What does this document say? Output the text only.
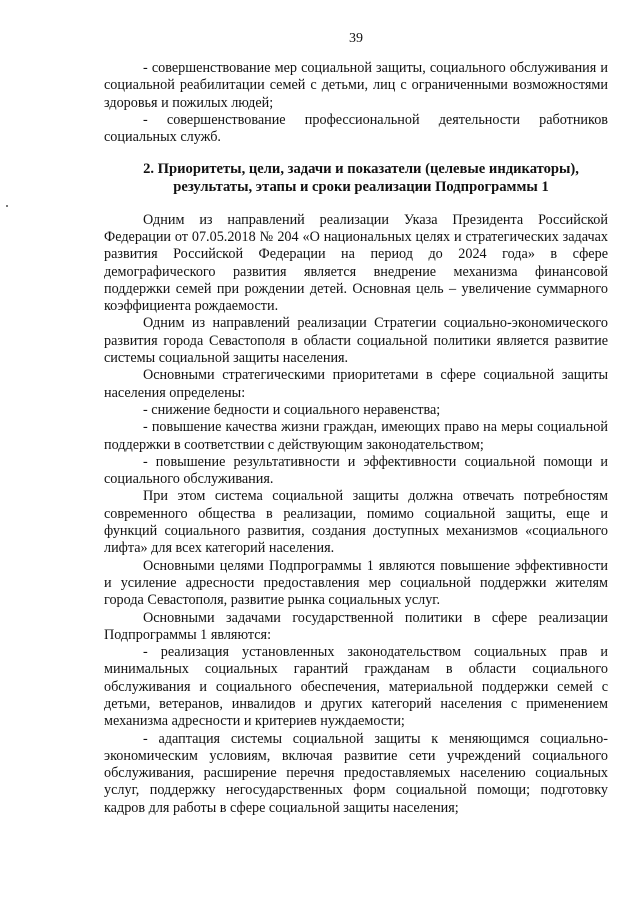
39

- совершенствование мер социальной защиты, социального обслуживания и социальной реабилитации семей с детьми, лиц с ограниченными возможностями здоровья и пожилых людей;

- совершенствование профессиональной деятельности работников социальных служб.

2. Приоритеты, цели, задачи и показатели (целевые индикаторы), результаты, этапы и сроки реализации Подпрограммы 1

Одним из направлений реализации Указа Президента Российской Федерации от 07.05.2018 № 204 «О национальных целях и стратегических задачах развития Российской Федерации на период до 2024 года» в сфере демографического развития является внедрение механизма финансовой поддержки семей при рождении детей. Основная цель – увеличение суммарного коэффициента рождаемости.

Одним из направлений реализации Стратегии социально-экономического развития города Севастополя в области социальной политики является развитие системы социальной защиты населения.

Основными стратегическими приоритетами в сфере социальной защиты населения определены:

- снижение бедности и социального неравенства;

- повышение качества жизни граждан, имеющих право на меры социальной поддержки в соответствии с действующим законодательством;

- повышение результативности и эффективности социальной помощи и социального обслуживания.

При этом система социальной защиты должна отвечать потребностям современного общества в реализации, помимо социальной защиты, еще и функций социального развития, создания доступных механизмов «социального лифта» для всех категорий населения.

Основными целями Подпрограммы 1 являются повышение эффективности и усиление адресности предоставления мер социальной поддержки жителям города Севастополя, развитие рынка социальных услуг.

Основными задачами государственной политики в сфере реализации Подпрограммы 1 являются:

- реализация установленных законодательством социальных прав и минимальных социальных гарантий гражданам в области социального обслуживания и социального обеспечения, материальной поддержки семей с детьми, ветеранов, инвалидов и других категорий населения с применением механизма адресности и критериев нуждаемости;

- адаптация системы социальной защиты к меняющимся социально-экономическим условиям, включая развитие сети учреждений социального обслуживания, расширение перечня предоставляемых населению социальных услуг, поддержку негосударственных форм социальной помощи; подготовку кадров для работы в сфере социальной защиты населения;
